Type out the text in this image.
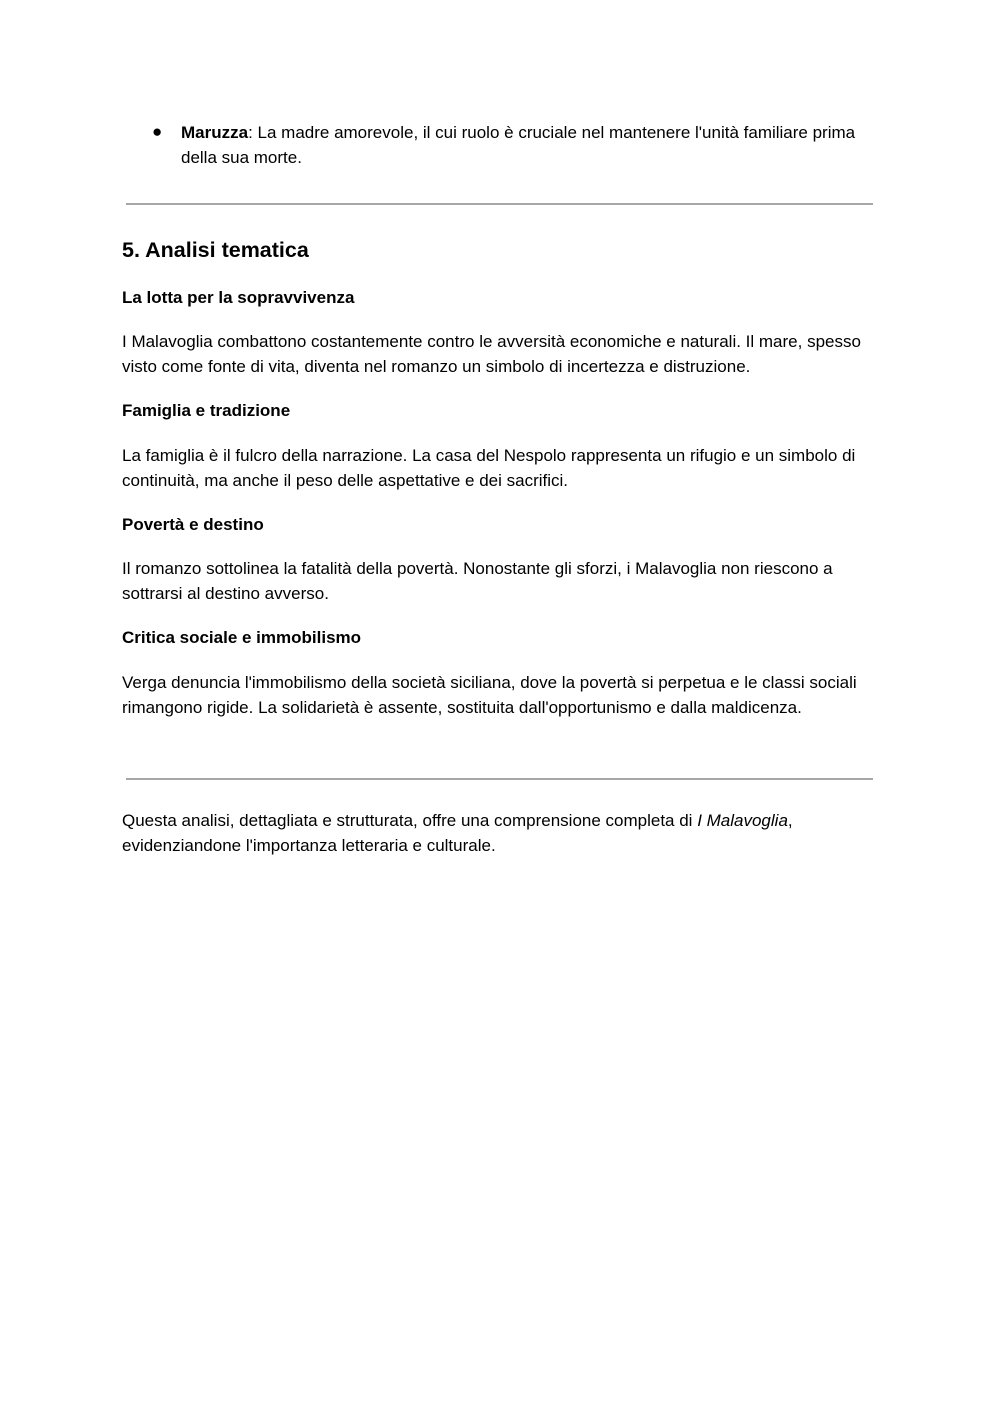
● Maruzza: La madre amorevole, il cui ruolo è cruciale nel mantenere l'unità familiare prima della sua morte.
5. Analisi tematica
La lotta per la sopravvivenza

I Malavoglia combattono costantemente contro le avversità economiche e naturali. Il mare, spesso visto come fonte di vita, diventa nel romanzo un simbolo di incertezza e distruzione.

Famiglia e tradizione

La famiglia è il fulcro della narrazione. La casa del Nespolo rappresenta un rifugio e un simbolo di continuità, ma anche il peso delle aspettative e dei sacrifici.

Povertà e destino

Il romanzo sottolinea la fatalità della povertà. Nonostante gli sforzi, i Malavoglia non riescono a sottrarsi al destino avverso.

Critica sociale e immobilismo

Verga denuncia l'immobilismo della società siciliana, dove la povertà si perpetua e le classi sociali rimangono rigide. La solidarietà è assente, sostituita dall'opportunismo e dalla maldicenza.

Questa analisi, dettagliata e strutturata, offre una comprensione completa di I Malavoglia, evidenziandone l'importanza letteraria e culturale.
